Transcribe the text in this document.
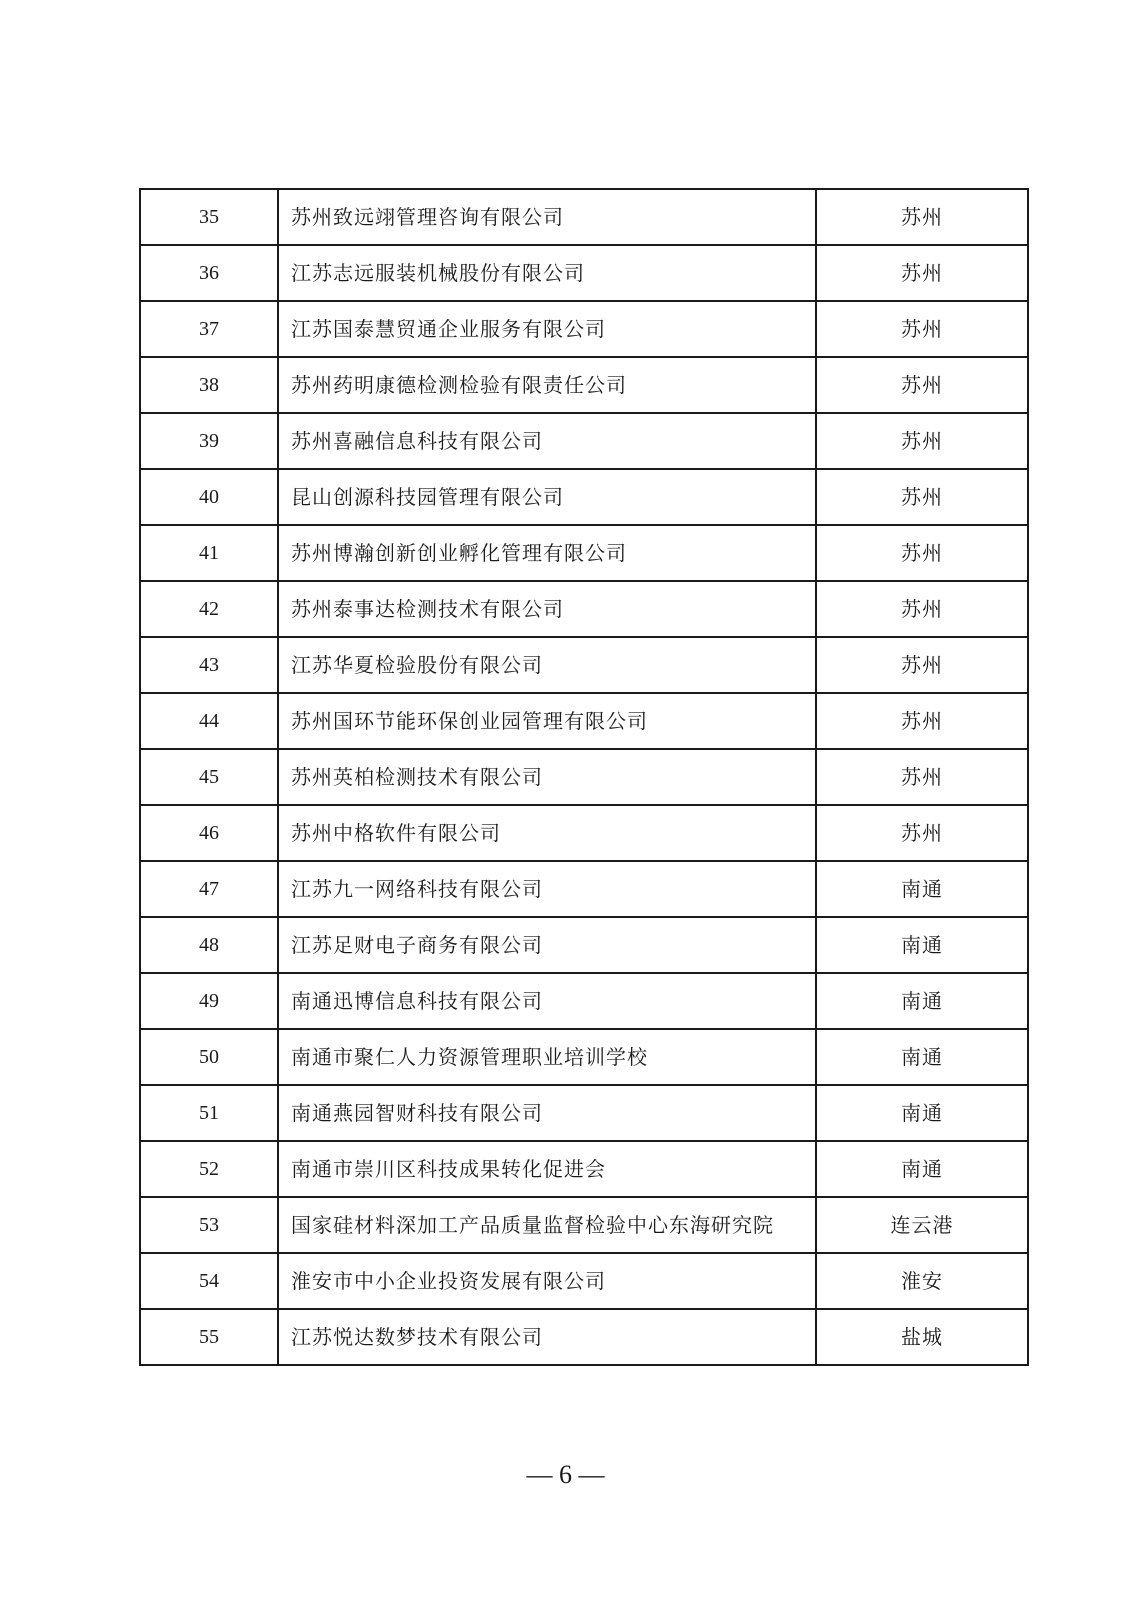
35	苏州致远翊管理咨询有限公司	苏州
36	江苏志远服装机械股份有限公司	苏州
37	江苏国泰慧贸通企业服务有限公司	苏州
38	苏州药明康德检测检验有限责任公司	苏州
39	苏州喜融信息科技有限公司	苏州
40	昆山创源科技园管理有限公司	苏州
41	苏州博瀚创新创业孵化管理有限公司	苏州
42	苏州泰事达检测技术有限公司	苏州
43	江苏华夏检验股份有限公司	苏州
44	苏州国环节能环保创业园管理有限公司	苏州
45	苏州英柏检测技术有限公司	苏州
46	苏州中格软件有限公司	苏州
47	江苏九一网络科技有限公司	南通
48	江苏足财电子商务有限公司	南通
49	南通迅博信息科技有限公司	南通
50	南通市聚仁人力资源管理职业培训学校	南通
51	南通燕园智财科技有限公司	南通
52	南通市崇川区科技成果转化促进会	南通
53	国家硅材料深加工产品质量监督检验中心东海研究院	连云港
54	淮安市中小企业投资发展有限公司	淮安
55	江苏悦达数梦技术有限公司	盐城
— 6 —
